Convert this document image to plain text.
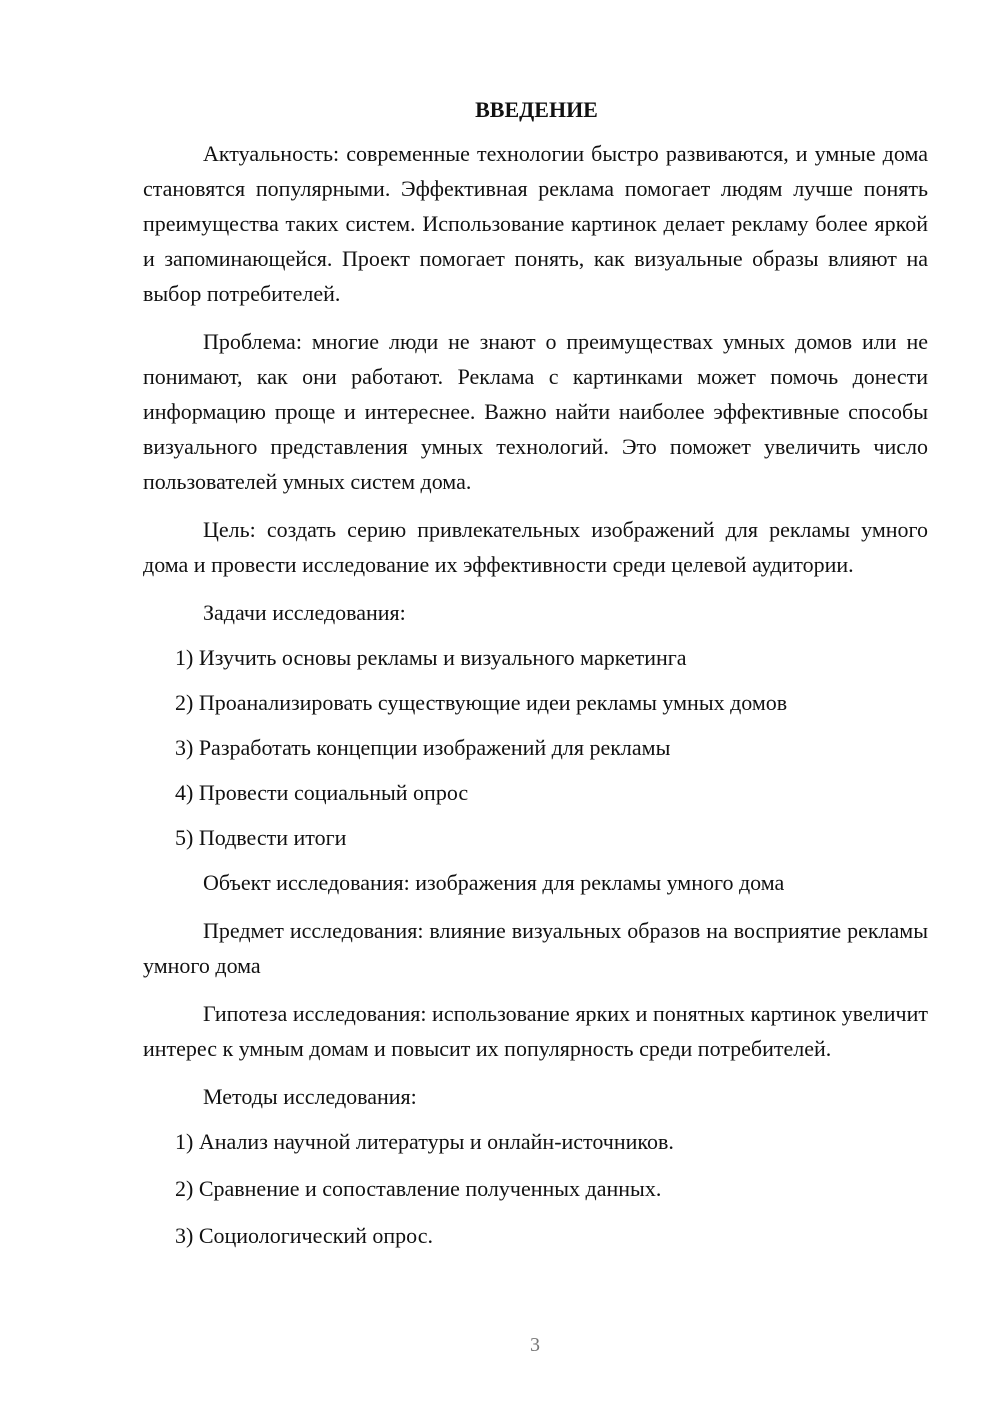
ВВЕДЕНИЕ

Актуальность: современные технологии быстро развиваются, и умные дома становятся популярными. Эффективная реклама помогает людям лучше понять преимущества таких систем. Использование картинок делает рекламу более яркой и запоминающейся. Проект помогает понять, как визуальные образы влияют на выбор потребителей.

Проблема: многие люди не знают о преимуществах умных домов или не понимают, как они работают. Реклама с картинками может помочь донести информацию проще и интереснее. Важно найти наиболее эффективные способы визуального представления умных технологий. Это поможет увеличить число пользователей умных систем дома.

Цель: создать серию привлекательных изображений для рекламы умного дома и провести исследование их эффективности среди целевой аудитории.

Задачи исследования:

1) Изучить основы рекламы и визуального маркетинга
2) Проанализировать существующие идеи рекламы умных домов
3) Разработать концепции изображений для рекламы
4) Провести социальный опрос
5) Подвести итоги

Объект исследования: изображения для рекламы умного дома

Предмет исследования: влияние визуальных образов на восприятие рекламы умного дома

Гипотеза исследования: использование ярких и понятных картинок увеличит интерес к умным домам и повысит их популярность среди потребителей.

Методы исследования:

1) Анализ научной литературы и онлайн-источников.
2) Сравнение и сопоставление полученных данных.
3) Социологический опрос.
3
